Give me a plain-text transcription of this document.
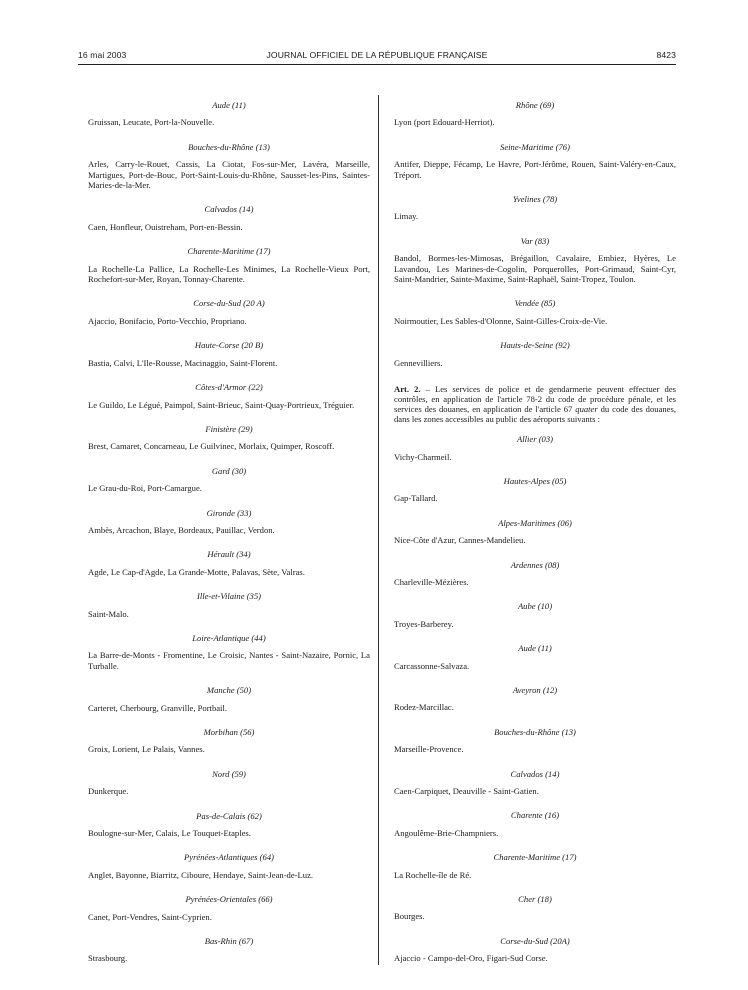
16 mai 2003	JOURNAL OFFICIEL DE LA RÉPUBLIQUE FRANÇAISE	8423

Aude (11)

Gruissan, Leucate, Port-la-Nouvelle.

Bouches-du-Rhône (13)

Arles, Carry-le-Rouet, Cassis, La Ciotat, Fos-sur-Mer, Lavéra, Marseille, Martigues, Port-de-Bouc, Port-Saint-Louis-du-Rhône, Sausset-les-Pins, Saintes-Maries-de-la-Mer.

Calvados (14)

Caen, Honfleur, Ouistreham, Port-en-Bessin.

Charente-Maritime (17)

La Rochelle-La Pallice, La Rochelle-Les Minimes, La Rochelle-Vieux Port, Rochefort-sur-Mer, Royan, Tonnay-Charente.

Corse-du-Sud (20 A)

Ajaccio, Bonifacio, Porto-Vecchio, Propriano.

Haute-Corse (20 B)

Bastia, Calvi, L'Ile-Rousse, Macinaggio, Saint-Florent.

Côtes-d'Armor (22)

Le Guildo, Le Légué, Paimpol, Saint-Brieuc, Saint-Quay-Portrieux, Tréguier.

Finistère (29)

Brest, Camaret, Concarneau, Le Guilvinec, Morlaix, Quimper, Roscoff.

Gard (30)

Le Grau-du-Roi, Port-Camargue.

Gironde (33)

Ambès, Arcachon, Blaye, Bordeaux, Pauillac, Verdon.

Hérault (34)

Agde, Le Cap-d'Agde, La Grande-Motte, Palavas, Sète, Valras.

Ille-et-Vilaine (35)

Saint-Malo.

Loire-Atlantique (44)

La Barre-de-Monts - Fromentine, Le Croisic, Nantes - Saint-Nazaire, Pornic, La Turballe.

Manche (50)

Carteret, Cherbourg, Granville, Portbail.

Morbihan (56)

Groix, Lorient, Le Palais, Vannes.

Nord (59)

Dunkerque.

Pas-de-Calais (62)

Boulogne-sur-Mer, Calais, Le Touquet-Etaples.

Pyrénées-Atlantiques (64)

Anglet, Bayonne, Biarritz, Ciboure, Hendaye, Saint-Jean-de-Luz.

Pyrénées-Orientales (66)

Canet, Port-Vendres, Saint-Cyprien.

Bas-Rhin (67)

Strasbourg.

Rhône (69)

Lyon (port Edouard-Herriot).

Seine-Maritime (76)

Antifer, Dieppe, Fécamp, Le Havre, Port-Jérôme, Rouen, Saint-Valéry-en-Caux, Tréport.

Yvelines (78)

Limay.

Var (83)

Bandol, Bormes-les-Mimosas, Brégaillon, Cavalaire, Embiez, Hyères, Le Lavandou, Les Marines-de-Cogolin, Porquerolles, Port-Grimaud, Saint-Cyr, Saint-Mandrier, Sainte-Maxime, Saint-Raphaël, Saint-Tropez, Toulon.

Vendée (85)

Noirmoutier, Les Sables-d'Olonne, Saint-Gilles-Croix-de-Vie.

Hauts-de-Seine (92)

Gennevilliers.

Art. 2. – Les services de police et de gendarmerie peuvent effectuer des contrôles, en application de l'article 78-2 du code de procédure pénale, et les services des douanes, en application de l'article 67 quater du code des douanes, dans les zones accessibles au public des aéroports suivants :

Allier (03)

Vichy-Charmeil.

Hautes-Alpes (05)

Gap-Tallard.

Alpes-Maritimes (06)

Nice-Côte d'Azur, Cannes-Mandelieu.

Ardennes (08)

Charleville-Mézières.

Aube (10)

Troyes-Barberey.

Aude (11)

Carcassonne-Salvaza.

Aveyron (12)

Rodez-Marcillac.

Bouches-du-Rhône (13)

Marseille-Provence.

Calvados (14)

Caen-Carpiquet, Deauville - Saint-Gatien.

Charente (16)

Angoulême-Brie-Champniers.

Charente-Maritime (17)

La Rochelle-île de Ré.

Cher (18)

Bourges.

Corse-du-Sud (20A)

Ajaccio - Campo-del-Oro, Figari-Sud Corse.
